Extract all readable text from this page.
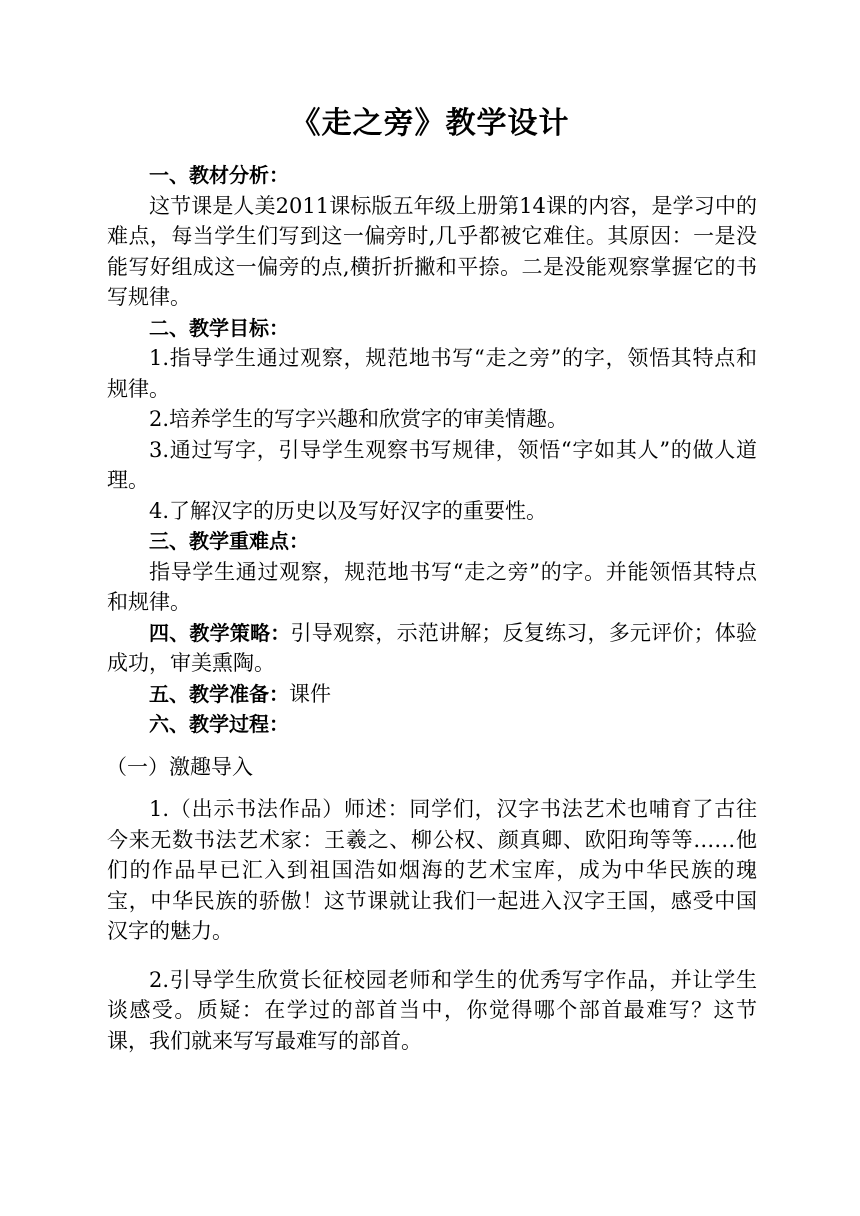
《走之旁》教学设计

一、教材分析：

这节课是人美2011课标版五年级上册第14课的内容，是学习中的难点，每当学生们写到这一偏旁时,几乎都被它难住。其原因：一是没能写好组成这一偏旁的点,横折折撇和平捺。二是没能观察掌握它的书写规律。

二、教学目标：

1.指导学生通过观察，规范地书写“走之旁”的字，领悟其特点和规律。

2.培养学生的写字兴趣和欣赏字的审美情趣。

3.通过写字，引导学生观察书写规律，领悟“字如其人”的做人道理。

4.了解汉字的历史以及写好汉字的重要性。

三、教学重难点：

指导学生通过观察，规范地书写“走之旁”的字。并能领悟其特点和规律。

四、教学策略：引导观察，示范讲解；反复练习，多元评价；体验成功，审美熏陶。

五、教学准备：课件

六、教学过程：

（一）激趣导入

1.（出示书法作品）师述：同学们，汉字书法艺术也哺育了古往今来无数书法艺术家：王羲之、柳公权、颜真卿、欧阳珣等等……他们的作品早已汇入到祖国浩如烟海的艺术宝库，成为中华民族的瑰宝，中华民族的骄傲！这节课就让我们一起进入汉字王国，感受中国汉字的魅力。

2.引导学生欣赏长征校园老师和学生的优秀写字作品，并让学生谈感受。质疑：在学过的部首当中，你觉得哪个部首最难写？这节课，我们就来写写最难写的部首。
